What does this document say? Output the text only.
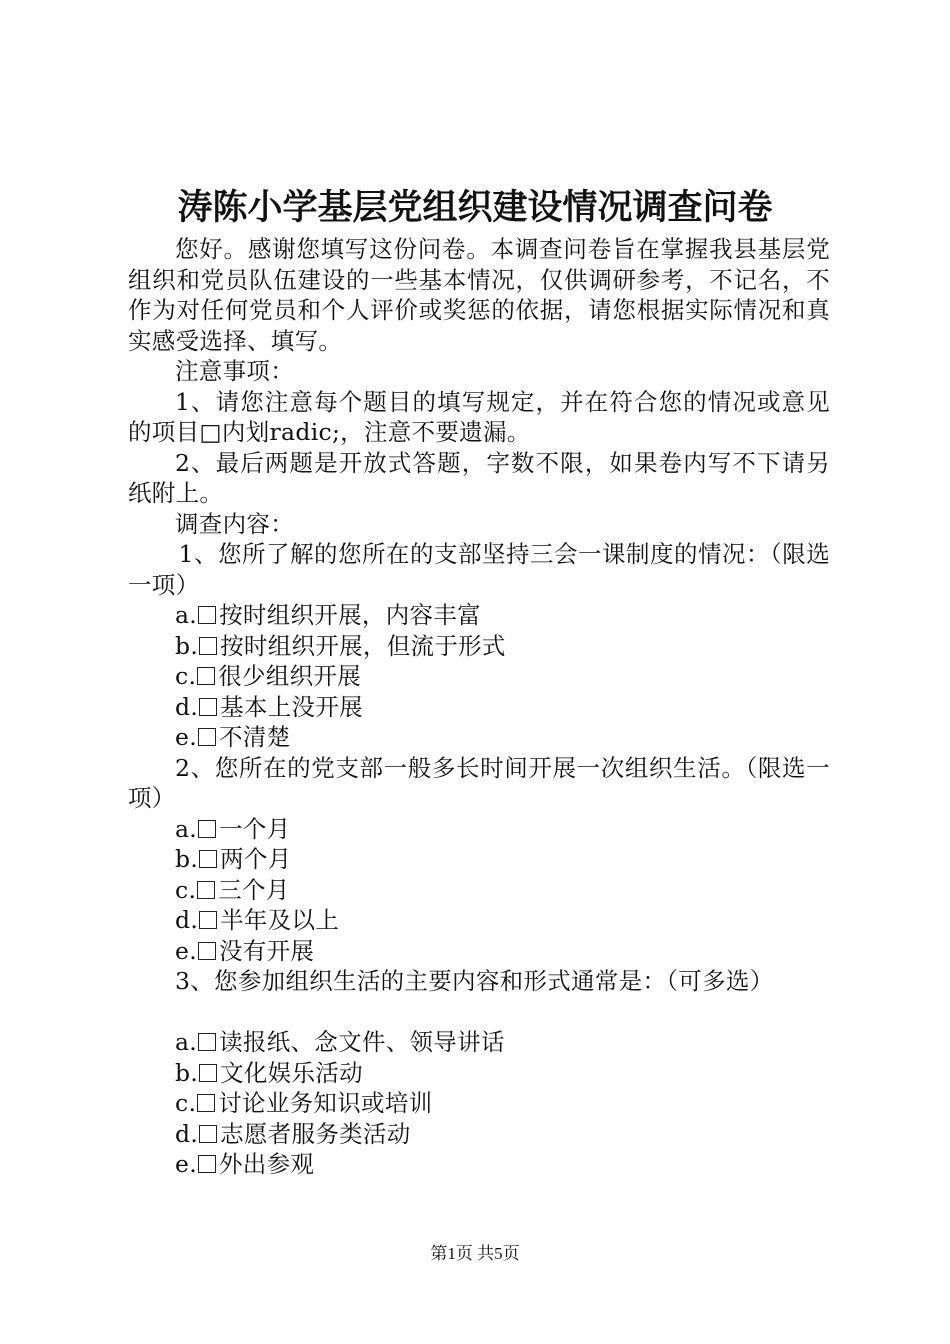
涛陈小学基层党组织建设情况调查问卷

您好。感谢您填写这份问卷。本调查问卷旨在掌握我县基层党组织和党员队伍建设的一些基本情况，仅供调研参考，不记名，不作为对任何党员和个人评价或奖惩的依据，请您根据实际情况和真实感受选择、填写。

注意事项：

1、请您注意每个题目的填写规定，并在符合您的情况或意见的项目□内划radic;，注意不要遗漏。

2、最后两题是开放式答题，字数不限，如果卷内写不下请另纸附上。

调查内容：

1、您所了解的您所在的支部坚持三会一课制度的情况：（限选一项）

a. 按时组织开展，内容丰富
b. 按时组织开展，但流于形式
c. 很少组织开展
d. 基本上没开展
e. 不清楚

2、您所在的党支部一般多长时间开展一次组织生活。（限选一项）

a. 一个月
b. 两个月
c. 三个月
d. 半年及以上
e. 没有开展

3、您参加组织生活的主要内容和形式通常是：（可多选）

a. 读报纸、念文件、领导讲话
b. 文化娱乐活动
c. 讨论业务知识或培训
d. 志愿者服务类活动
e. 外出参观
第1页 共5页
